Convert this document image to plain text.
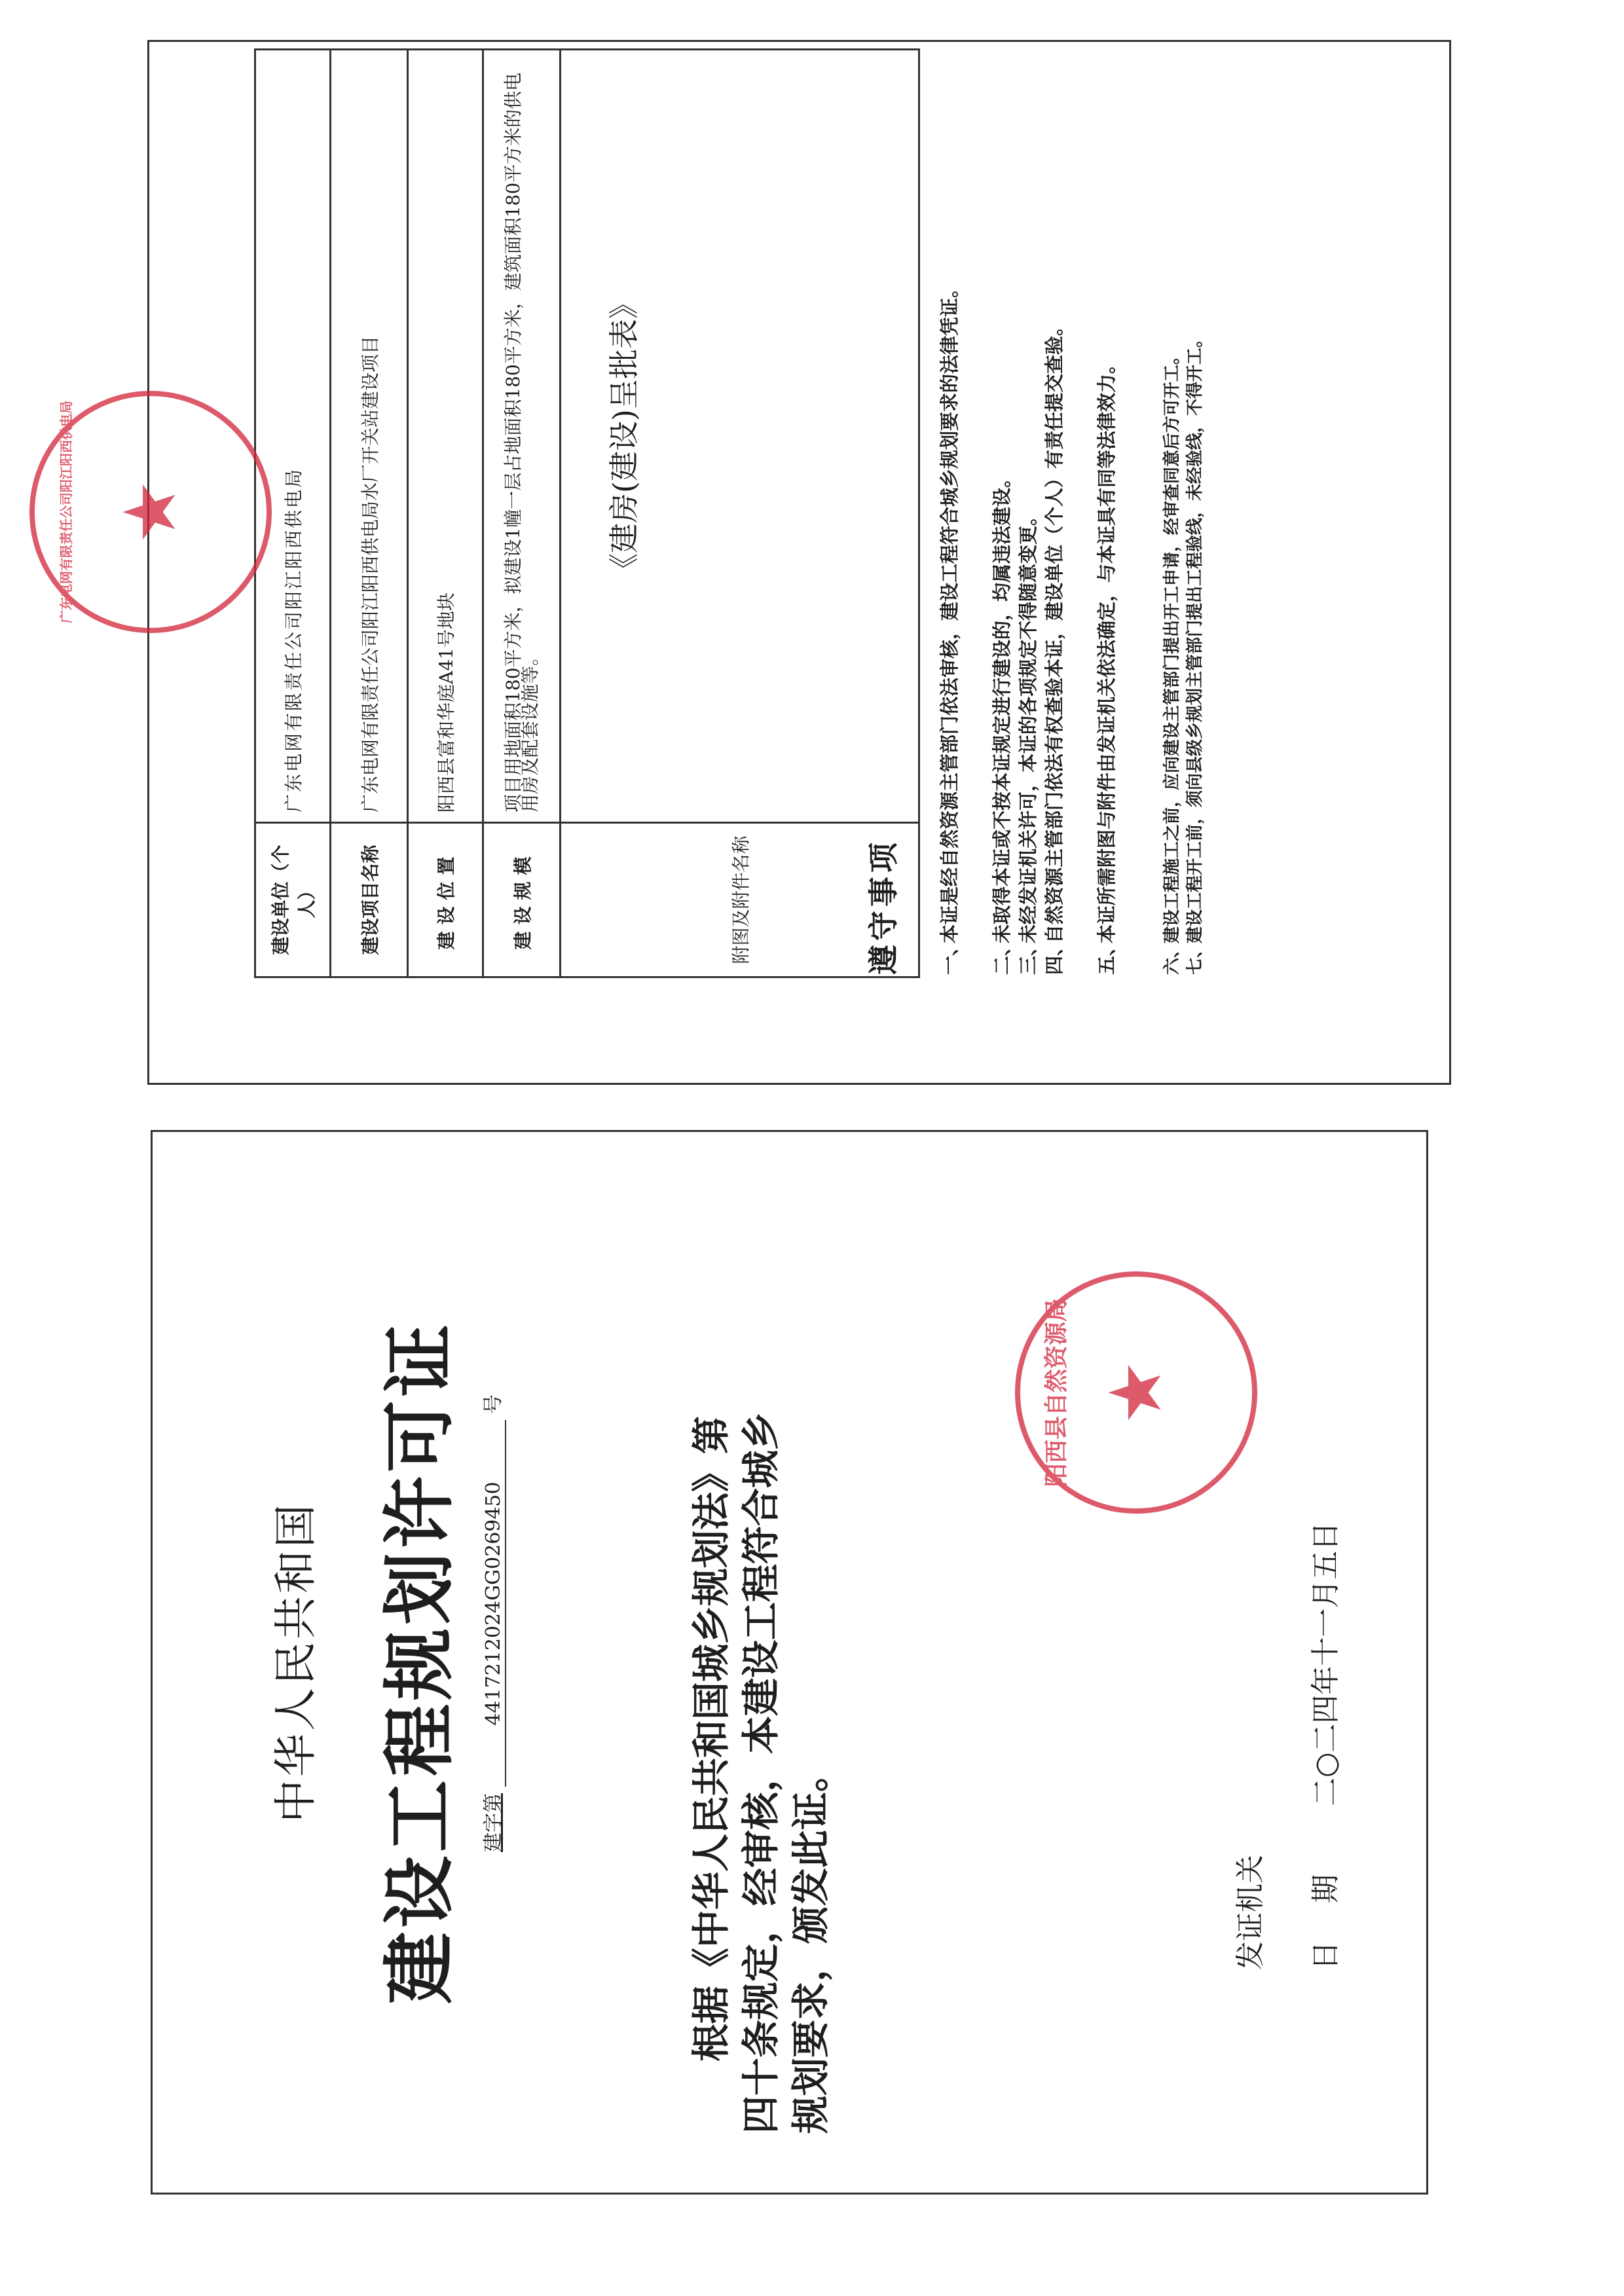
中华人民共和国 建设工程规划许可证 建字第 441721202​4GG0269450 号
根据《中华人民共和国城乡规划法》第 四十条规定，经审核，本建设工程符合城乡 规划要求，颁发此证。	发证机关 日期
二○二四年十一月五日
建设单位（个人）	广东电网有限责任公司阳江阳西供电局
建设项目名称	广东电网有限责任公司阳江阳西供电局水厂开关站建设项目
建设位置	阳西县富和华庭A41号地块
建设规模	项目用地面积180平方米，拟建设1幢一层占地面积180平方米，建筑面积180平方米的供电用房及配套设施等。
附图及附件名称	《建房(建设)呈批表》
遵守事项 一、本证是经自然资源主管部门依法审核，建设工程符合城乡规划要求的法律凭证。
二、未取得本证或不按本证规定进行建设的，均属违法建设。
三、未经发证机关许可，本证的各项规定不得随意变更。
四、自然资源主管部门依法有权查验本证，建设单位（个人）有责任提交查验。
五、本证所需附图与附件由发证机关依法确定，与本证具有同等法律效力。
六、建设工程施工之前，应向建设主管部门提出开工申请，经审查同意后方可开工。
七、建设工程开工前，须向县级乡规划主管部门提出工程验线，未经验线，不得开工。
广东电网有限责任公司阳江阳西供电局 ★
阳西县自然资源局 ★
